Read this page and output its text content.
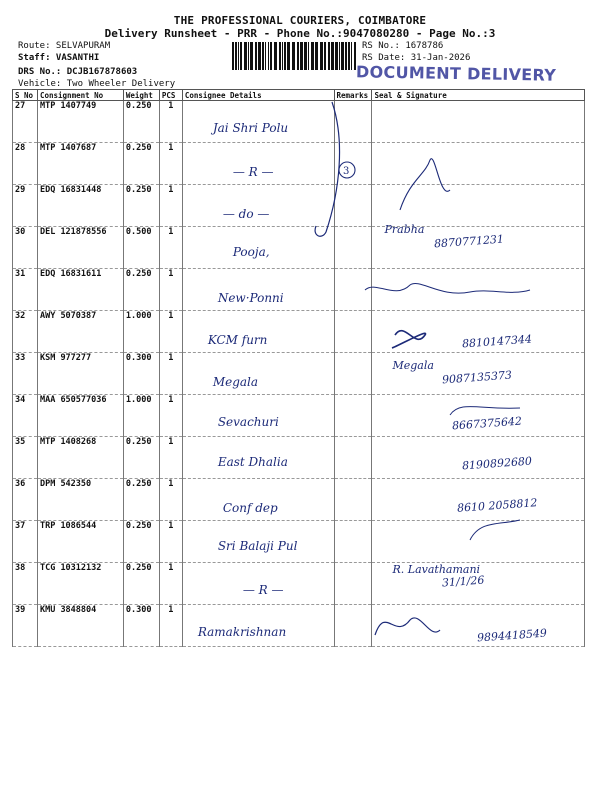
THE PROFESSIONAL COURIERS, COIMBATORE
Delivery Runsheet - PRR - Phone No.:9047080280 - Page No.:3
Route: SELVAPURAM
Staff: VASANTHI
DRS No.: DCJB167878603
Vehicle: Two Wheeler Delivery
RS No.: 1678786
RS Date: 31-Jan-2026
DOCUMENT DELIVERY
S No	Consignment No	Weight	PCS	Consignee Details	Remarks	Seal & Signature
27	MTP 1407749	0.250	1	Jai Shri Polu		

28	MTP 1407687	0.250	1	— R —		

29	EDQ 16831448	0.250	1	— do —		

30	DEL 121878556	0.500	1	Pooja,		Prabha
8870771231

31	EDQ 16831611	0.250	1	New·Ponni		

32	AWY 5070387	1.000	1	KCM furn		8810147344

33	KSM 977277	0.300	1	Megala		Megala
9087135373

34	MAA 650577036	1.000	1	Sevachuri		8667375642

35	MTP 1408268	0.250	1	East Dhalia		8190892680

36	DPM 542350	0.250	1	Conf dep		8610 2058812

37	TRP 1086544	0.250	1	Sri Balaji Pul		

38	TCG 10312132	0.250	1	— R —		R. Lavathamani
31/1/26

39	KMU 3848804	0.300	1	Ramakrishnan		9894418549
3
